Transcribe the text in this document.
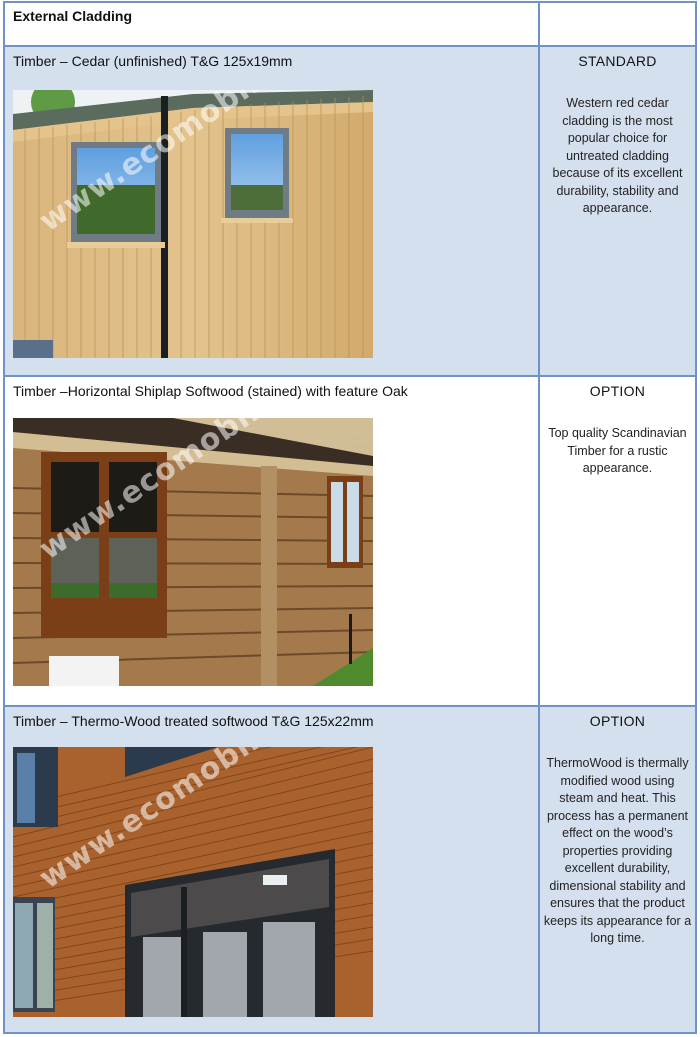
External Cladding
Timber – Cedar (unfinished) T&G 125x19mm	STANDARD
Western red cedar cladding is the most popular choice for untreated cladding because of its excellent durability, stability and appearance.
Timber –Horizontal Shiplap Softwood (stained) with feature Oak	OPTION
Top quality Scandinavian Timber for a rustic appearance.
Timber – Thermo-Wood treated softwood T&G 125x22mm	OPTION
ThermoWood is thermally modified wood using steam and heat. This process has a permanent effect on the wood’s properties providing excellent durability, dimensional stability and ensures that the product keeps its appearance for a long time.
